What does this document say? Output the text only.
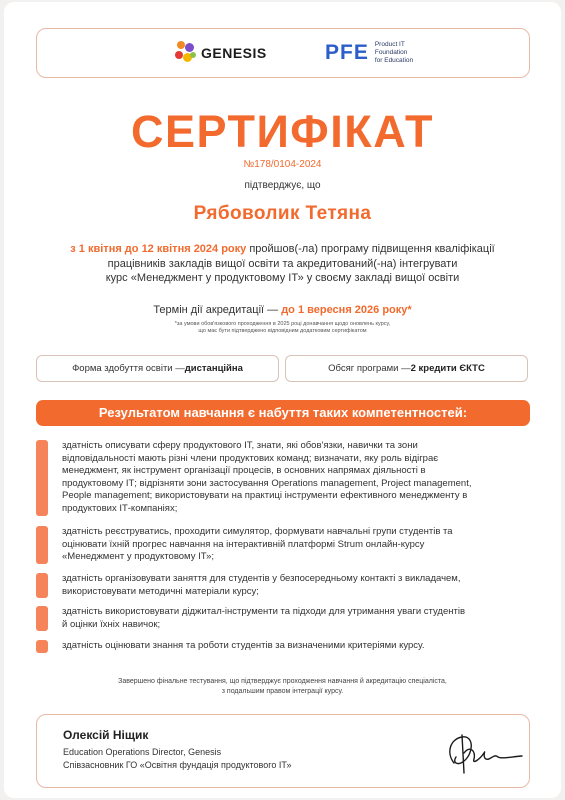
GENESIS	PFE Product IT
Foundation
for Education
СЕРТИФІКАТ
№178/0104-2024
підтверджує, що
Рябоволик Тетяна
з 1 квітня до 12 квітня 2024 року пройшов(-ла) програму підвищення кваліфікації
працівників закладів вищої освіти та акредитований(-на) інтегрувати
курс «Менеджмент у продуктовому ІТ» у своєму закладі вищої освіти
Термін дії акредитації — до 1 вересня 2026 року*
*за умови обов'язкового проходження в 2025 році донавчання щодо оновлень курсу,
що має бути підтверджено відповідним додатковим сертифікатом
Форма здобуття освіти — дистанційна	Обсяг програми — 2 кредити ЄКТС
Результатом навчання є набуття таких компетентностей:
здатність описувати сферу продуктового ІТ, знати, які обов'язки, навички та зони
відповідальності мають різні члени продуктових команд; визначати, яку роль відіграє
менеджмент, як інструмент організації процесів, в основних напрямах діяльності в
продуктовому ІТ; відрізняти зони застосування Operations management, Project management,
People management; використовувати на практиці інструменти ефективного менеджменту в
продуктових ІТ-компаніях;
здатність реєструватись, проходити симулятор, формувати навчальні групи студентів та
оцінювати їхній прогрес навчання на інтерактивній платформі Strum онлайн-курсу
«Менеджмент у продуктовому ІТ»;
здатність організовувати заняття для студентів у безпосередньому контакті з викладачем,
використовувати методичні матеріали курсу;
здатність використовувати діджитал-інструменти та підходи для утримання уваги студентів
й оцінки їхніх навичок;
здатність оцінювати знання та роботи студентів за визначеними критеріями курсу.
Завершено фінальне тестування, що підтверджує проходження навчання й акредитацію спеціаліста,
з подальшим правом інтеграції курсу.
Олексій Ніщик
Education Operations Director, Genesis
Співзасновник ГО «Освітня фундація продуктового ІТ»
